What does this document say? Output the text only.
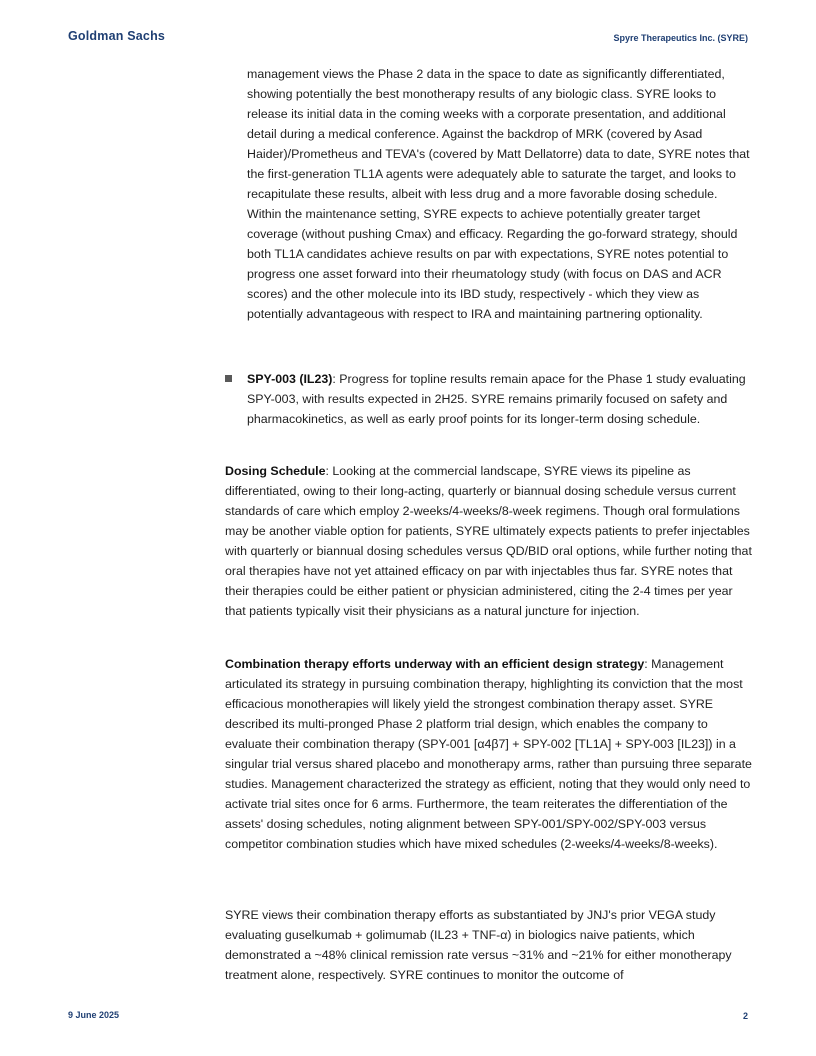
Goldman Sachs	Spyre Therapeutics Inc. (SYRE)

management views the Phase 2 data in the space to date as significantly differentiated, showing potentially the best monotherapy results of any biologic class. SYRE looks to release its initial data in the coming weeks with a corporate presentation, and additional detail during a medical conference. Against the backdrop of MRK (covered by Asad Haider)/Prometheus and TEVA's (covered by Matt Dellatorre) data to date, SYRE notes that the first-generation TL1A agents were adequately able to saturate the target, and looks to recapitulate these results, albeit with less drug and a more favorable dosing schedule. Within the maintenance setting, SYRE expects to achieve potentially greater target coverage (without pushing Cmax) and efficacy. Regarding the go-forward strategy, should both TL1A candidates achieve results on par with expectations, SYRE notes potential to progress one asset forward into their rheumatology study (with focus on DAS and ACR scores) and the other molecule into its IBD study, respectively - which they view as potentially advantageous with respect to IRA and maintaining partnering optionality.

SPY-003 (IL23): Progress for topline results remain apace for the Phase 1 study evaluating SPY-003, with results expected in 2H25. SYRE remains primarily focused on safety and pharmacokinetics, as well as early proof points for its longer-term dosing schedule.

Dosing Schedule: Looking at the commercial landscape, SYRE views its pipeline as differentiated, owing to their long-acting, quarterly or biannual dosing schedule versus current standards of care which employ 2-weeks/4-weeks/8-week regimens. Though oral formulations may be another viable option for patients, SYRE ultimately expects patients to prefer injectables with quarterly or biannual dosing schedules versus QD/BID oral options, while further noting that oral therapies have not yet attained efficacy on par with injectables thus far. SYRE notes that their therapies could be either patient or physician administered, citing the 2-4 times per year that patients typically visit their physicians as a natural juncture for injection.

Combination therapy efforts underway with an efficient design strategy: Management articulated its strategy in pursuing combination therapy, highlighting its conviction that the most efficacious monotherapies will likely yield the strongest combination therapy asset. SYRE described its multi-pronged Phase 2 platform trial design, which enables the company to evaluate their combination therapy (SPY-001 [α4β7] + SPY-002 [TL1A] + SPY-003 [IL23]) in a singular trial versus shared placebo and monotherapy arms, rather than pursuing three separate studies. Management characterized the strategy as efficient, noting that they would only need to activate trial sites once for 6 arms. Furthermore, the team reiterates the differentiation of the assets' dosing schedules, noting alignment between SPY-001/SPY-002/SPY-003 versus competitor combination studies which have mixed schedules (2-weeks/4-weeks/8-weeks).

SYRE views their combination therapy efforts as substantiated by JNJ's prior VEGA study evaluating guselkumab + golimumab (IL23 + TNF-α) in biologics naive patients, which demonstrated a ~48% clinical remission rate versus ~31% and ~21% for either monotherapy treatment alone, respectively. SYRE continues to monitor the outcome of

9 June 2025	2
